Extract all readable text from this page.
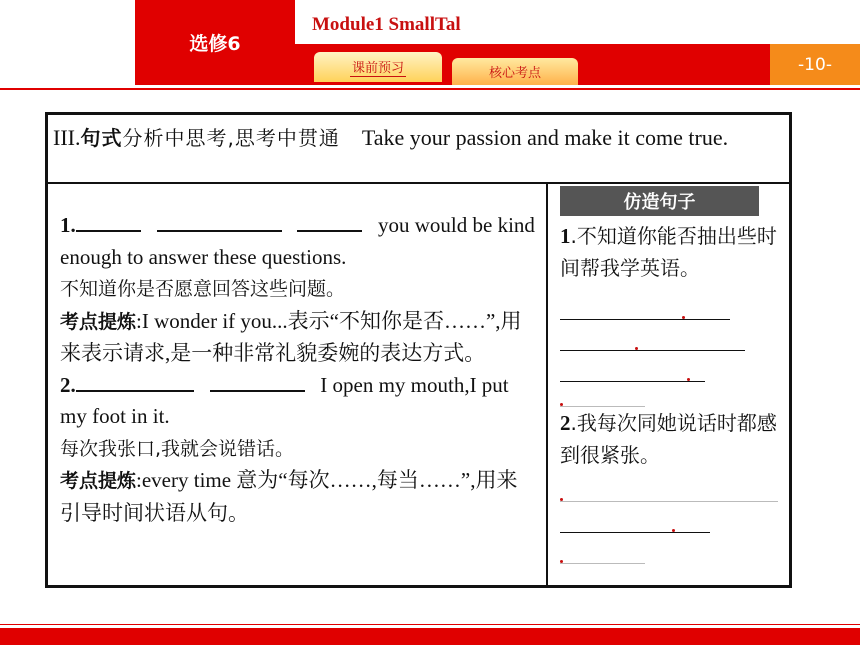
选修6
Module1 SmallTal
课前预习	核心考点	-10-
III.句式分析中思考,思考中贯通 Take your passion and make it come true.
1.	you would be kind enough to answer these questions.
不知道你是否愿意回答这些问题。
考点提炼:I wonder if you...表示“不知你是否……”,用来表示请求,是一种非常礼貌委婉的表达方式。
2.	I open my mouth,I put my foot in it.
每次我张口,我就会说错话。
考点提炼:every time 意为“每次……,每当……”,用来引导时间状语从句。
仿造句子
1.不知道你能否抽出些时间帮我学英语。
2.我每次同她说话时都感到很紧张。
